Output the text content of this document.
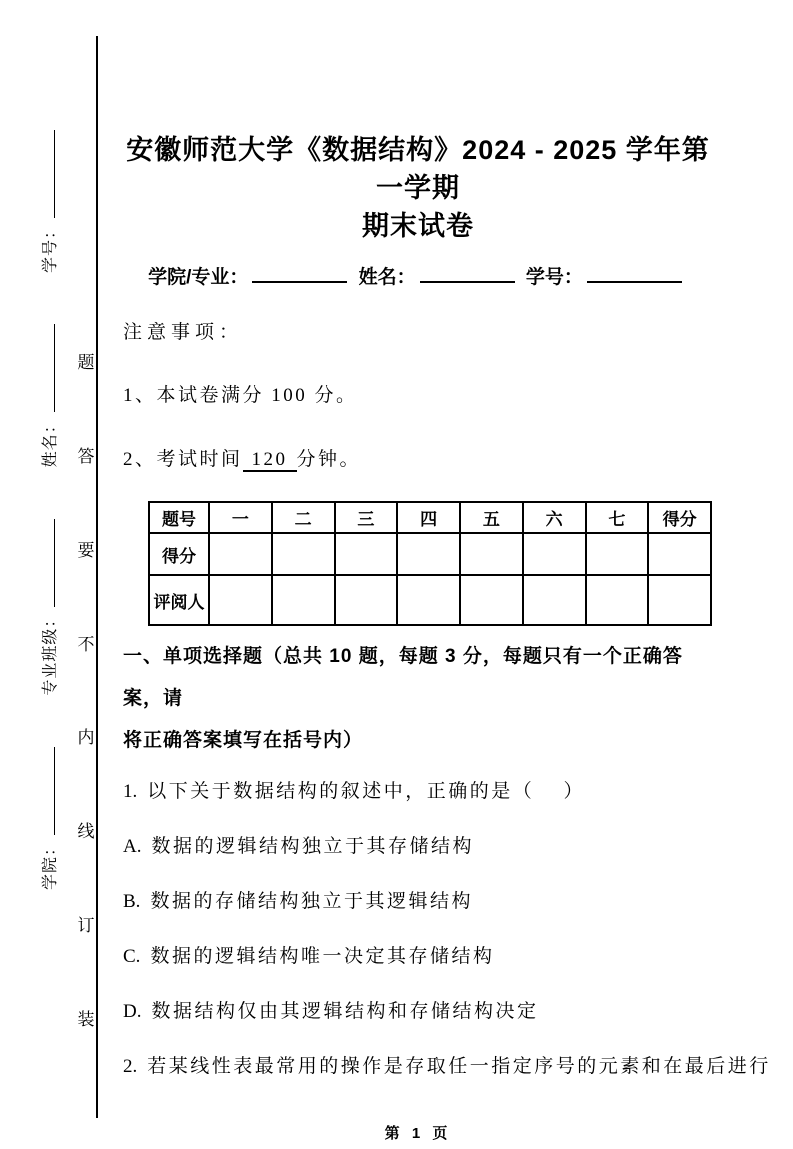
学院：
专业班级：
姓名：
学号：
题
答
要
不
内
线
订
装
安徽师范大学《数据结构》2024 - 2025 学年第一学期
期末试卷
学院/专业：	姓名：	学号：
注意事项：
1、本试卷满分 100 分。
2、考试时间 120 分钟。
题号	一	二	三	四	五	六	七	得分
得分								
评阅人								
一、单项选择题（总共 10 题，每题 3 分，每题只有一个正确答案，请
将正确答案填写在括号内）

1. 以下关于数据结构的叙述中，正确的是（　 ）

A. 数据的逻辑结构独立于其存储结构

B. 数据的存储结构独立于其逻辑结构

C. 数据的逻辑结构唯一决定其存储结构

D. 数据结构仅由其逻辑结构和存储结构决定

2. 若某线性表最常用的操作是存取任一指定序号的元素和在最后进行

第 1 页
